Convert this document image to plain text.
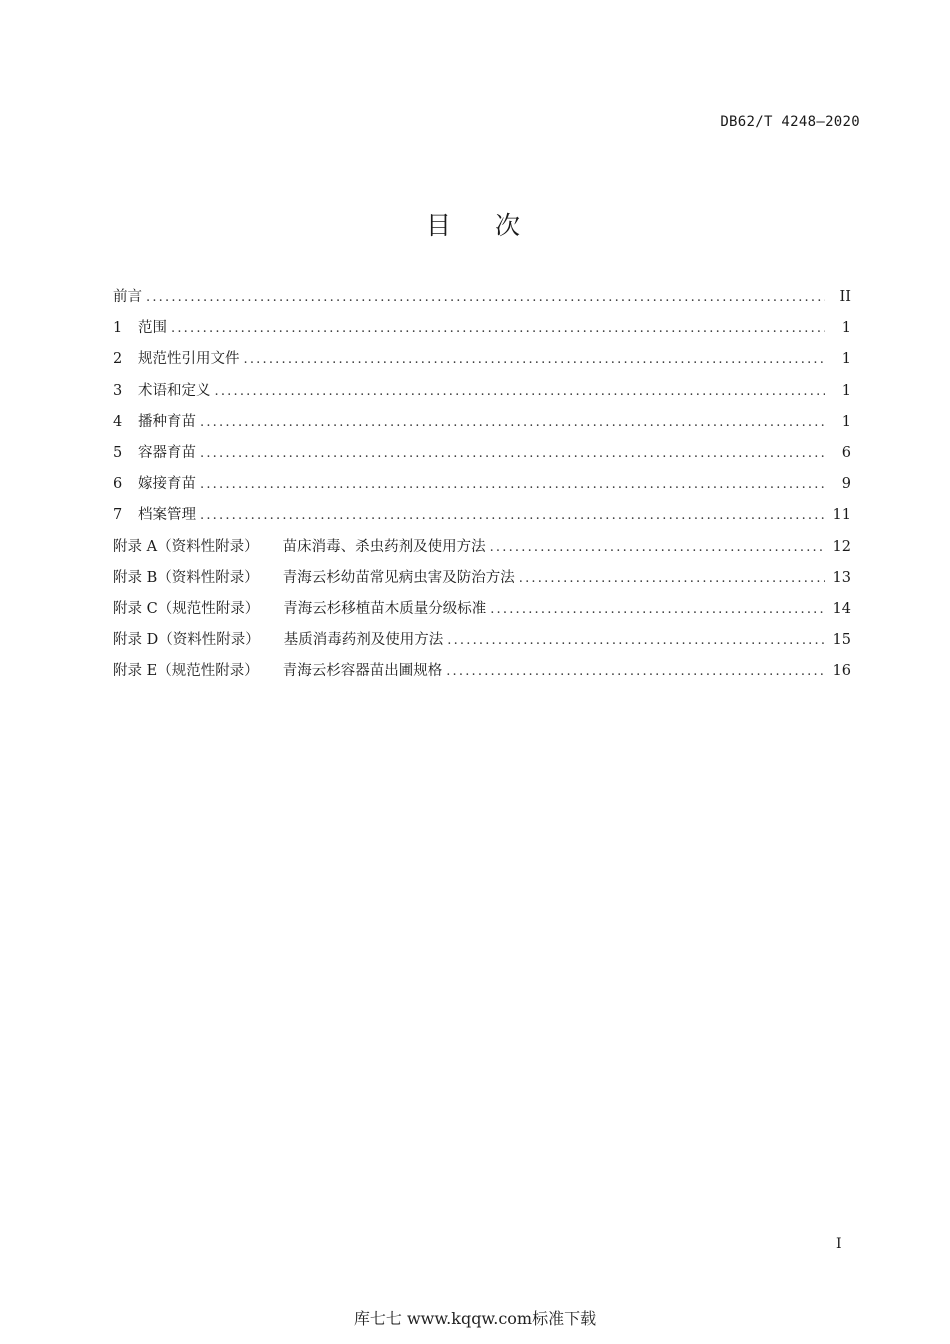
DB62/T 4248—2020
目次
前言 .....	II
1	范围 .....	1
2	规范性引用文件 .....	1
3	术语和定义 .....	1
4	播种育苗 .....	1
5	容器育苗 .....	6
6	嫁接育苗 .....	9
7	档案管理 .....	11
附录 A（资料性附录） 苗床消毒、杀虫药剂及使用方法 .....	12
附录 B（资料性附录） 青海云杉幼苗常见病虫害及防治方法 .....	13
附录 C（规范性附录） 青海云杉移植苗木质量分级标准 .....	14
附录 D（资料性附录） 基质消毒药剂及使用方法 .....	15
附录 E（规范性附录） 青海云杉容器苗出圃规格 .....	16
I
库七七 www.kqqw.com标准下载
